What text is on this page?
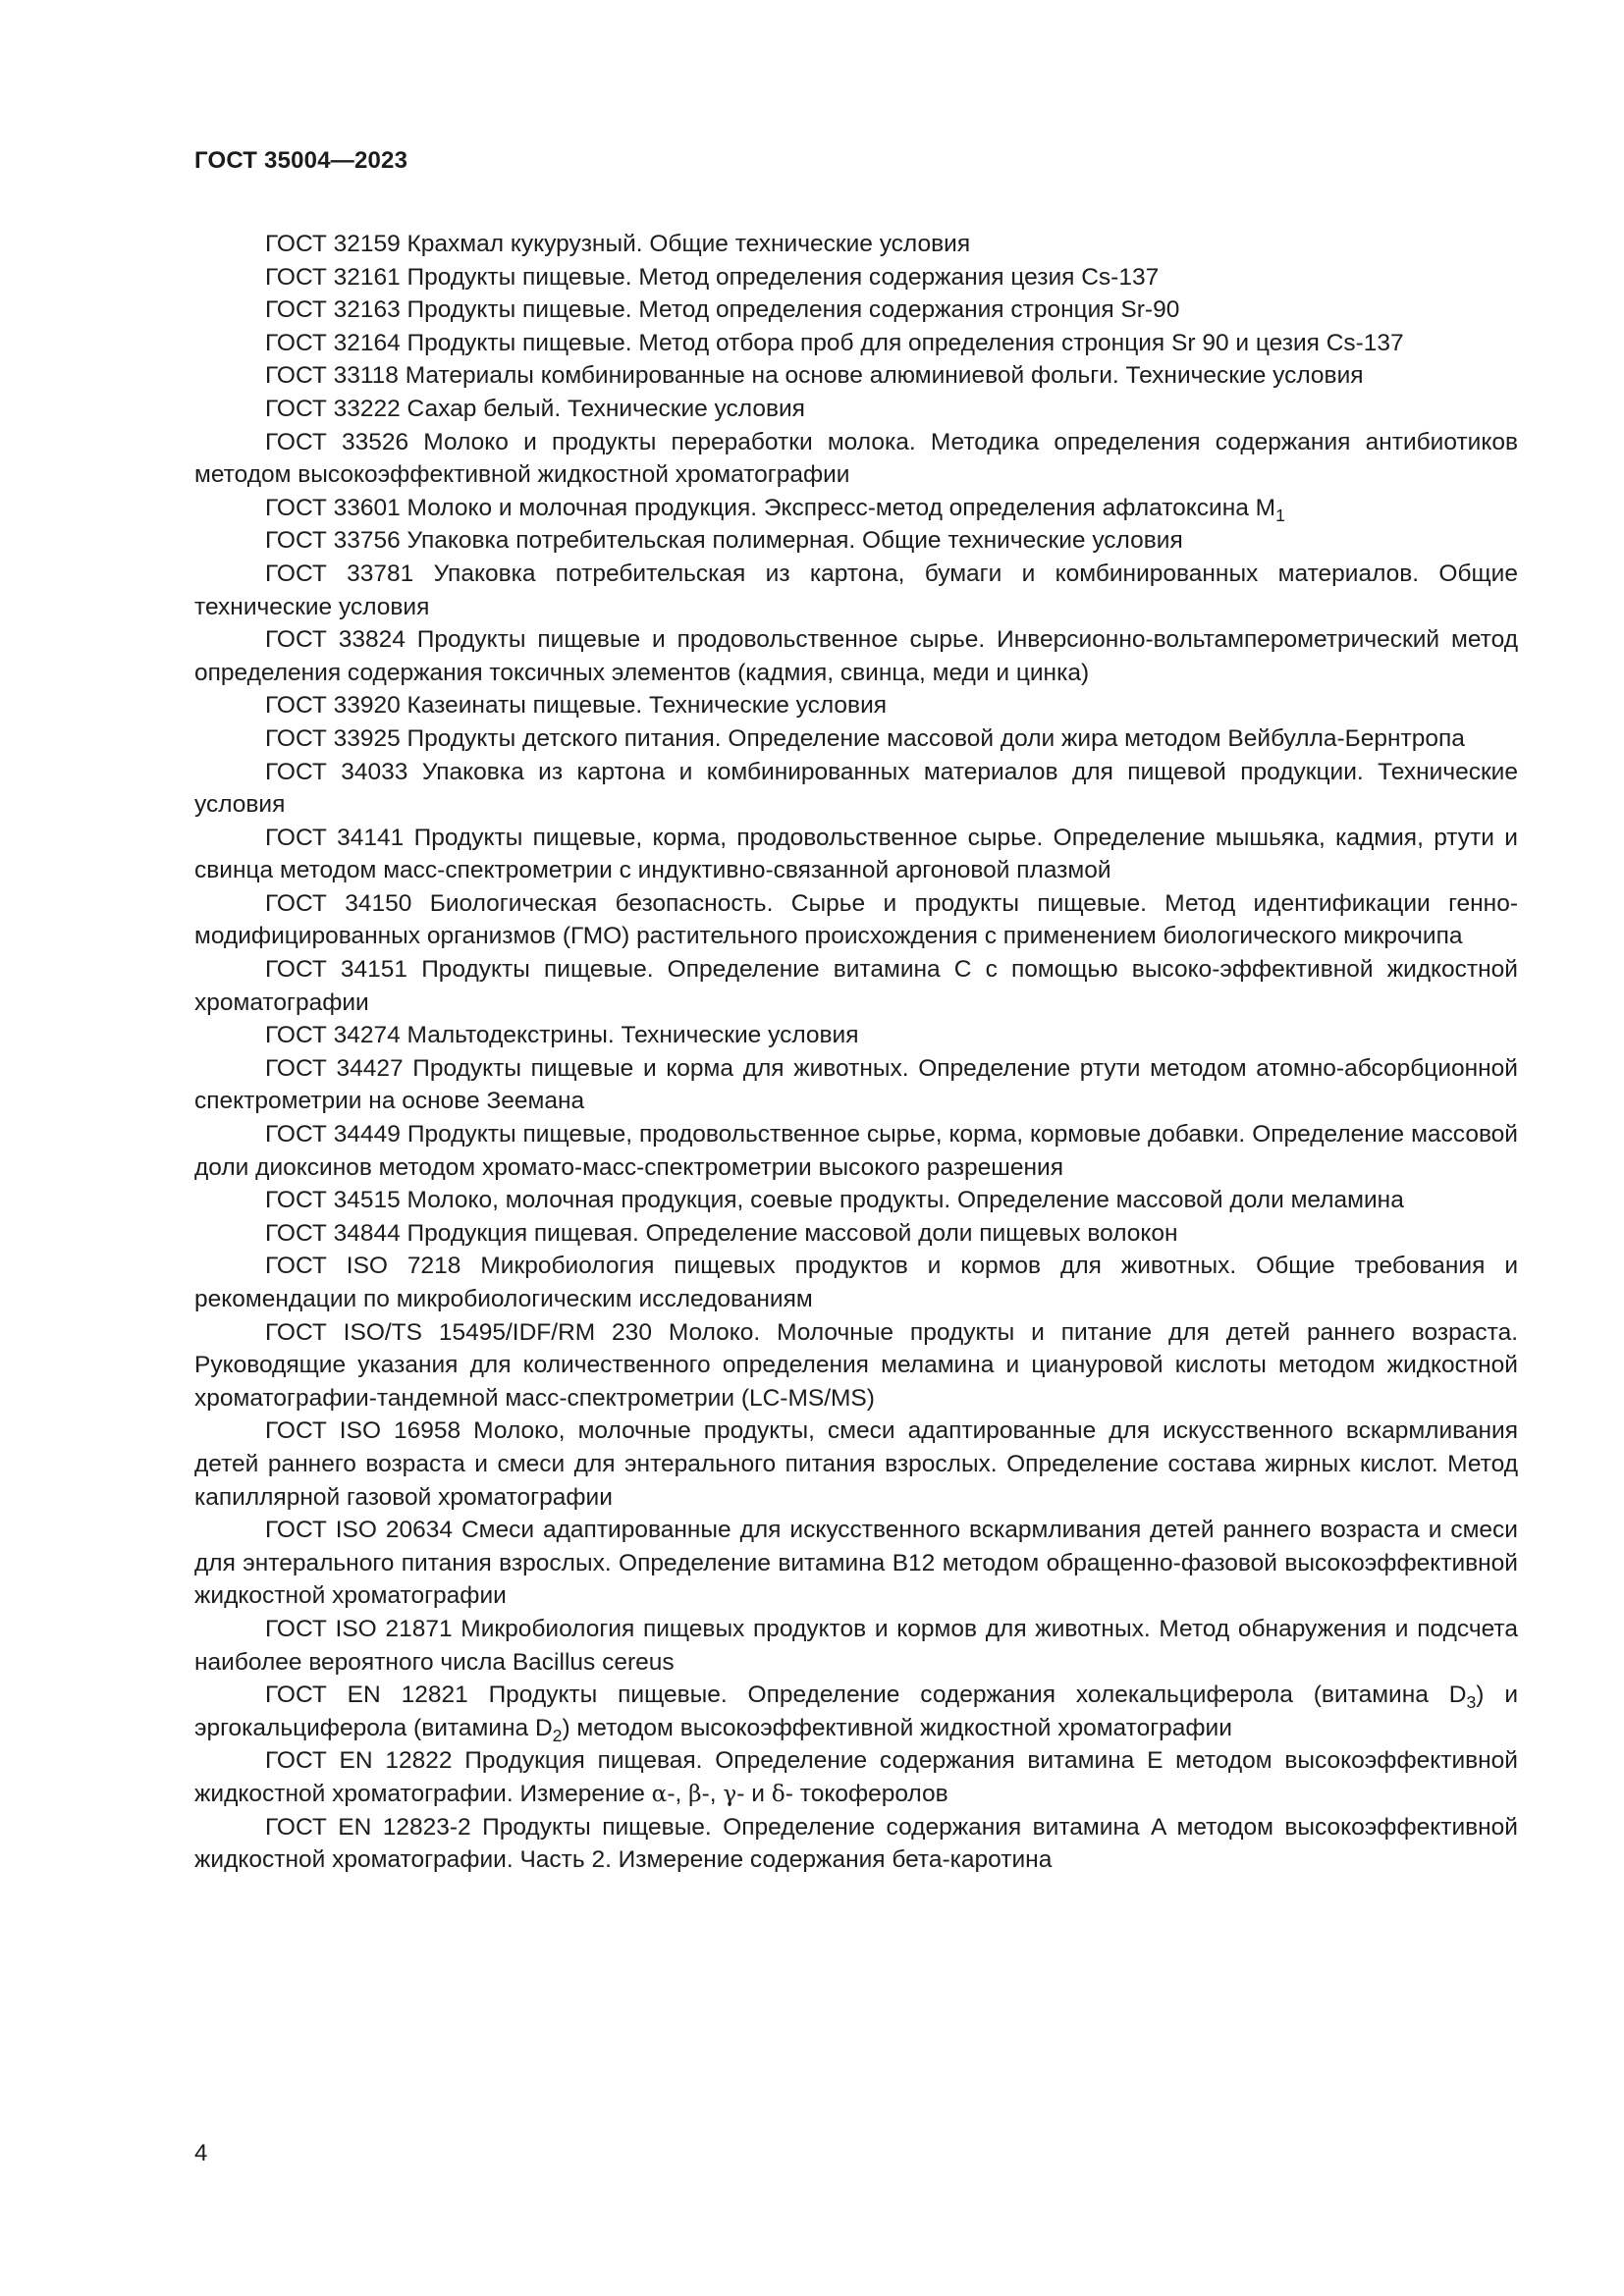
ГОСТ 35004—2023

ГОСТ 32159 Крахмал кукурузный. Общие технические условия

ГОСТ 32161 Продукты пищевые. Метод определения содержания цезия Cs-137

ГОСТ 32163 Продукты пищевые. Метод определения содержания стронция Sr-90

ГОСТ 32164 Продукты пищевые. Метод отбора проб для определения стронция Sr 90 и цезия Cs-137

ГОСТ 33118 Материалы комбинированные на основе алюминиевой фольги. Технические условия

ГОСТ 33222 Сахар белый. Технические условия

ГОСТ 33526 Молоко и продукты переработки молока. Методика определения содержания антибиотиков методом высокоэффективной жидкостной хроматографии

ГОСТ 33601 Молоко и молочная продукция. Экспресс-метод определения афлатоксина $M_1$

ГОСТ 33756 Упаковка потребительская полимерная. Общие технические условия

ГОСТ 33781 Упаковка потребительская из картона, бумаги и комбинированных материалов. Общие технические условия

ГОСТ 33824 Продукты пищевые и продовольственное сырье. Инверсионно-вольтамперометрический метод определения содержания токсичных элементов (кадмия, свинца, меди и цинка)

ГОСТ 33920 Казеинаты пищевые. Технические условия

ГОСТ 33925 Продукты детского питания. Определение массовой доли жира методом Вейбулла-Бернтропа

ГОСТ 34033 Упаковка из картона и комбинированных материалов для пищевой продукции. Технические условия

ГОСТ 34141 Продукты пищевые, корма, продовольственное сырье. Определение мышьяка, кадмия, ртути и свинца методом масс-спектрометрии с индуктивно-связанной аргоновой плазмой

ГОСТ 34150 Биологическая безопасность. Сырье и продукты пищевые. Метод идентификации генно-модифицированных организмов (ГМО) растительного происхождения с применением биологического микрочипа

ГОСТ 34151 Продукты пищевые. Определение витамина С с помощью высоко-эффективной жидкостной хроматографии

ГОСТ 34274 Мальтодекстрины. Технические условия

ГОСТ 34427 Продукты пищевые и корма для животных. Определение ртути методом атомно-абсорбционной спектрометрии на основе Зеемана

ГОСТ 34449 Продукты пищевые, продовольственное сырье, корма, кормовые добавки. Определение массовой доли диоксинов методом хромато-масс-спектрометрии высокого разрешения

ГОСТ 34515 Молоко, молочная продукция, соевые продукты. Определение массовой доли меламина

ГОСТ 34844 Продукция пищевая. Определение массовой доли пищевых волокон

ГОСТ ISO 7218 Микробиология пищевых продуктов и кормов для животных. Общие требования и рекомендации по микробиологическим исследованиям

ГОСТ ISO/TS 15495/IDF/RM 230 Молоко. Молочные продукты и питание для детей раннего возраста. Руководящие указания для количественного определения меламина и циануровой кислоты методом жидкостной хроматографии-тандемной масс-спектрометрии (LC-MS/MS)

ГОСТ ISO 16958 Молоко, молочные продукты, смеси адаптированные для искусственного вскармливания детей раннего возраста и смеси для энтерального питания взрослых. Определение состава жирных кислот. Метод капиллярной газовой хроматографии

ГОСТ ISO 20634 Смеси адаптированные для искусственного вскармливания детей раннего возраста и смеси для энтерального питания взрослых. Определение витамина B12 методом обращенно-фазовой высокоэффективной жидкостной хроматографии

ГОСТ ISO 21871 Микробиология пищевых продуктов и кормов для животных. Метод обнаружения и подсчета наиболее вероятного числа Bacillus cereus

ГОСТ EN 12821 Продукты пищевые. Определение содержания холекальциферола (витамина $D_3$) и эргокальциферола (витамина $D_2$) методом высокоэффективной жидкостной хроматографии

ГОСТ EN 12822 Продукция пищевая. Определение содержания витамина E методом высокоэффективной жидкостной хроматографии. Измерение α-, β-, γ- и δ- токоферолов

ГОСТ EN 12823-2 Продукты пищевые. Определение содержания витамина A методом высокоэффективной жидкостной хроматографии. Часть 2. Измерение содержания бета-каротина

4
